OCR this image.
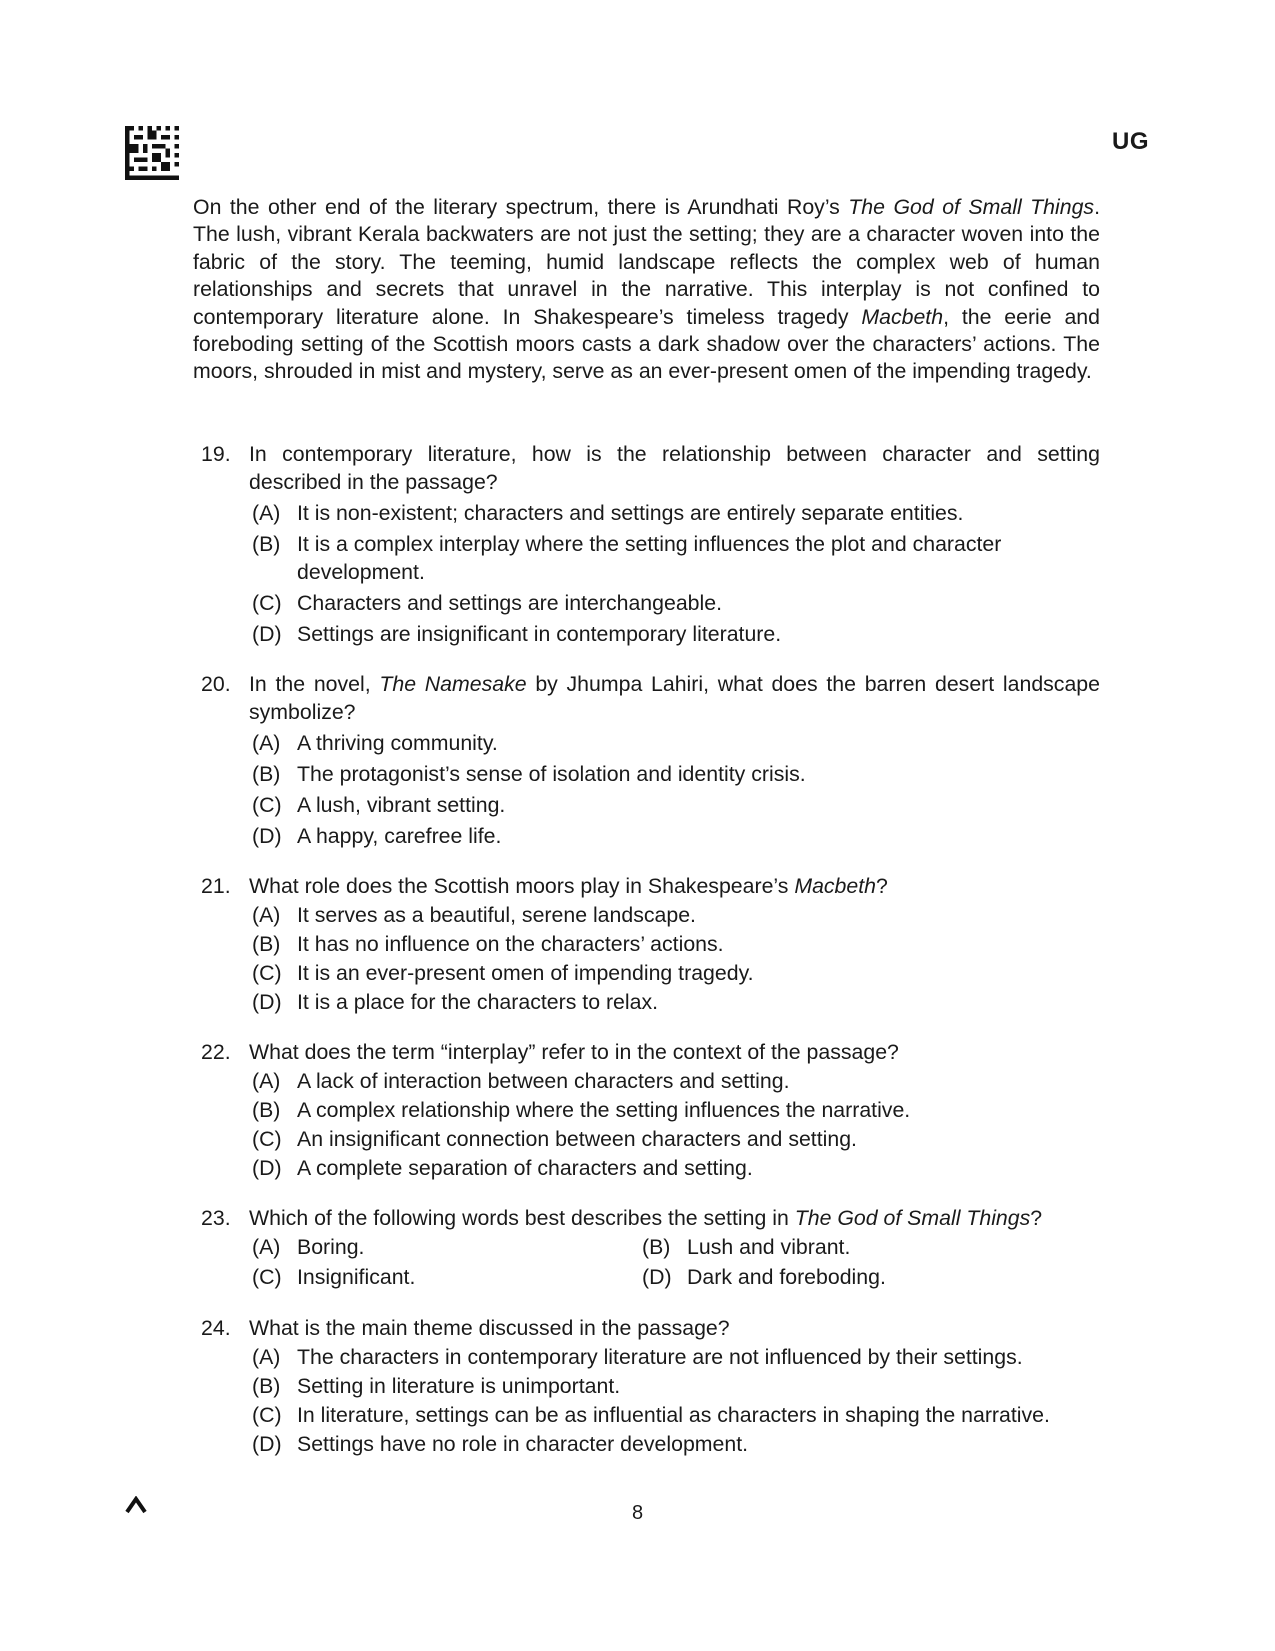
UG

On the other end of the literary spectrum, there is Arundhati Roy’s The God of Small Things. The lush, vibrant Kerala backwaters are not just the setting; they are a character woven into the fabric of the story. The teeming, humid landscape reflects the complex web of human relationships and secrets that unravel in the narrative. This interplay is not confined to contemporary literature alone. In Shakespeare’s timeless tragedy Macbeth, the eerie and foreboding setting of the Scottish moors casts a dark shadow over the characters’ actions. The moors, shrouded in mist and mystery, serve as an ever-present omen of the impending tragedy.

19. In contemporary literature, how is the relationship between character and setting described in the passage?
(A) It is non-existent; characters and settings are entirely separate entities.
(B) It is a complex interplay where the setting influences the plot and character development.
(C) Characters and settings are interchangeable.
(D) Settings are insignificant in contemporary literature.
20. In the novel, The Namesake by Jhumpa Lahiri, what does the barren desert landscape symbolize?
(A) A thriving community.
(B) The protagonist’s sense of isolation and identity crisis.
(C) A lush, vibrant setting.
(D) A happy, carefree life.
21. What role does the Scottish moors play in Shakespeare’s Macbeth?
(A) It serves as a beautiful, serene landscape.
(B) It has no influence on the characters’ actions.
(C) It is an ever-present omen of impending tragedy.
(D) It is a place for the characters to relax.
22. What does the term “interplay” refer to in the context of the passage?
(A) A lack of interaction between characters and setting.
(B) A complex relationship where the setting influences the narrative.
(C) An insignificant connection between characters and setting.
(D) A complete separation of characters and setting.
23. Which of the following words best describes the setting in The God of Small Things?
(A) Boring.	(B) Lush and vibrant.
(C) Insignificant.	(D) Dark and foreboding.
24. What is the main theme discussed in the passage?
(A) The characters in contemporary literature are not influenced by their settings.
(B) Setting in literature is unimportant.
(C) In literature, settings can be as influential as characters in shaping the narrative.
(D) Settings have no role in character development.
8
